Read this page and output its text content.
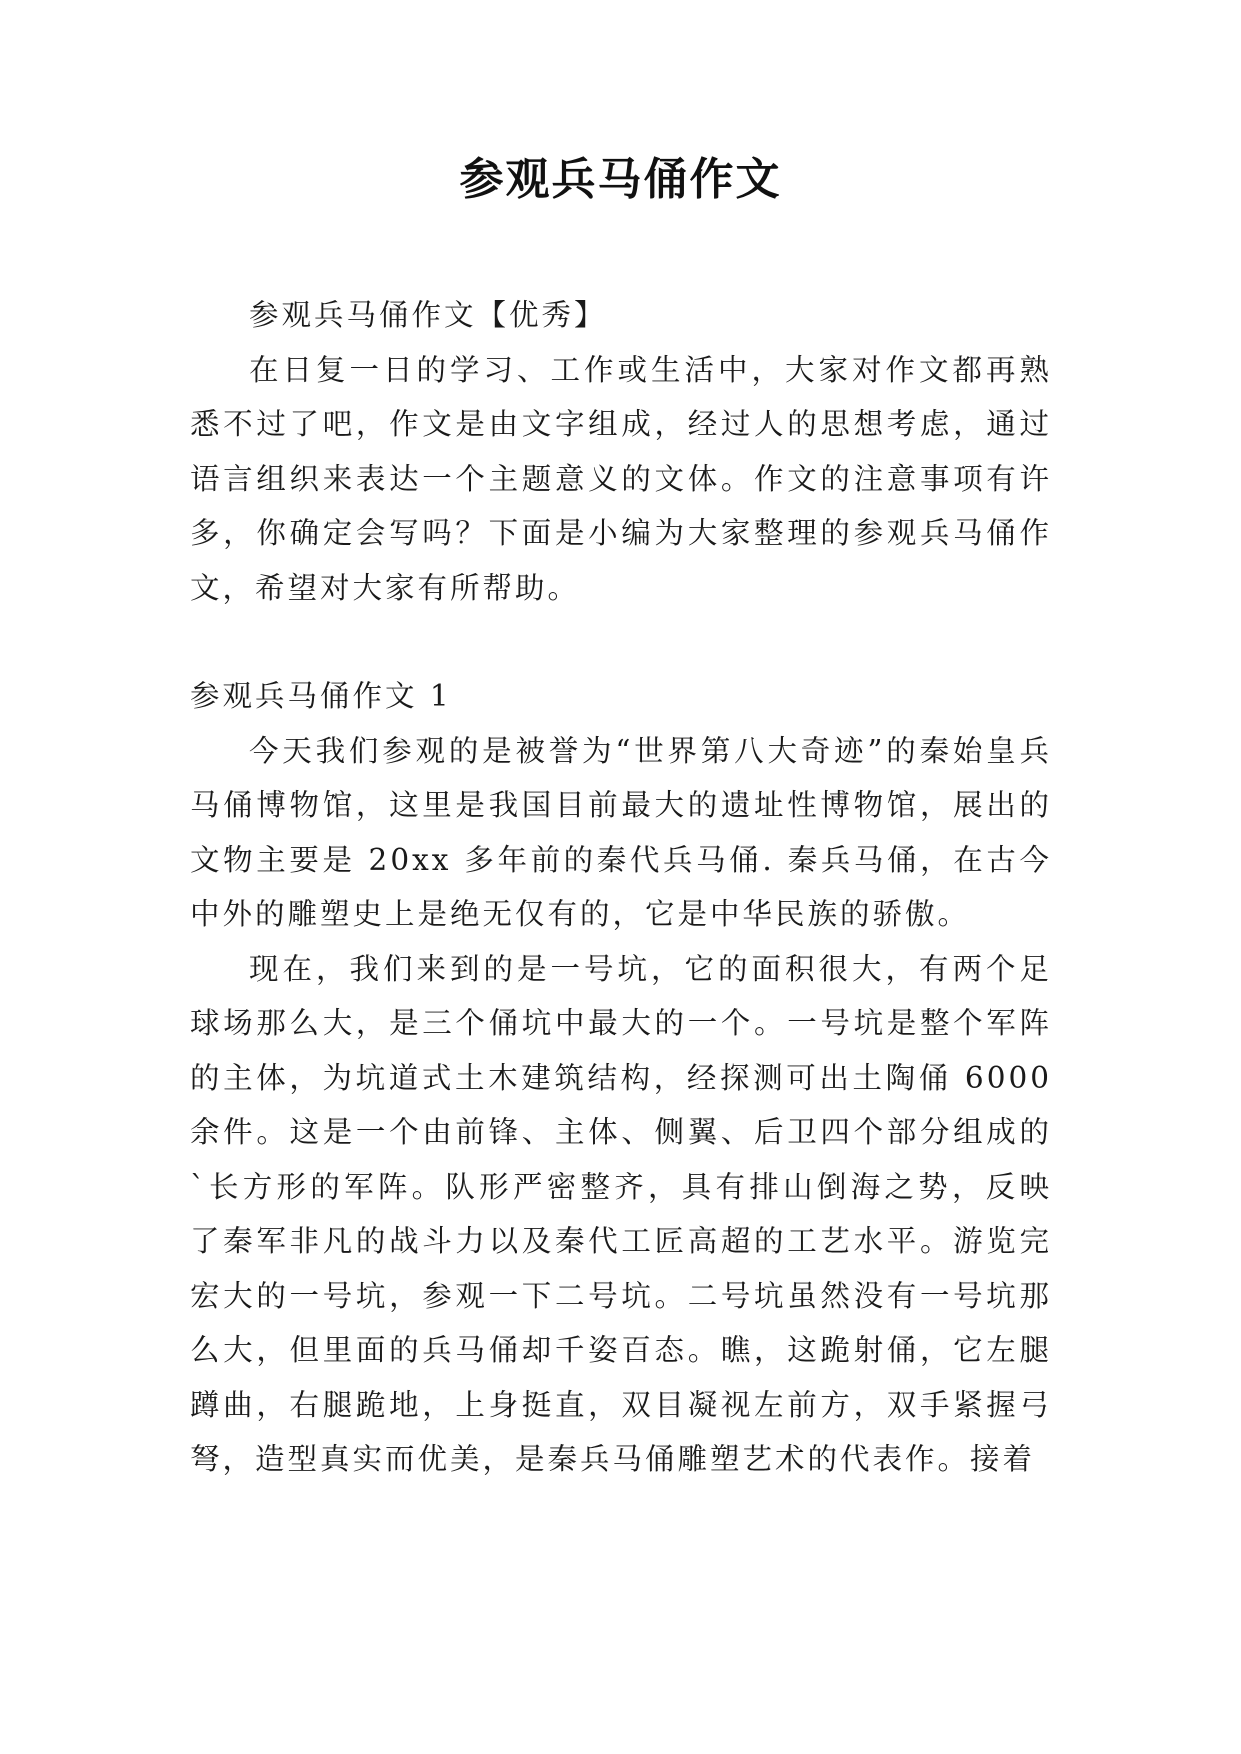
参观兵马俑作文

参观兵马俑作文【优秀】

在日复一日的学习、工作或生活中，大家对作文都再熟悉不过了吧，作文是由文字组成，经过人的思想考虑，通过语言组织来表达一个主题意义的文体。作文的注意事项有许多，你确定会写吗？下面是小编为大家整理的参观兵马俑作文，希望对大家有所帮助。

参观兵马俑作文 1

今天我们参观的是被誉为“世界第八大奇迹”的秦始皇兵马俑博物馆，这里是我国目前最大的遗址性博物馆，展出的文物主要是 20xx 多年前的秦代兵马俑. 秦兵马俑，在古今中外的雕塑史上是绝无仅有的，它是中华民族的骄傲。

现在，我们来到的是一号坑，它的面积很大，有两个足球场那么大，是三个俑坑中最大的一个。一号坑是整个军阵的主体，为坑道式土木建筑结构，经探测可出土陶俑 6000 余件。这是一个由前锋、主体、侧翼、后卫四个部分组成的`长方形的军阵。队形严密整齐，具有排山倒海之势，反映了秦军非凡的战斗力以及秦代工匠高超的工艺水平。游览完宏大的一号坑，参观一下二号坑。二号坑虽然没有一号坑那么大，但里面的兵马俑却千姿百态。瞧，这跪射俑，它左腿蹲曲，右腿跪地，上身挺直，双目凝视左前方，双手紧握弓弩，造型真实而优美，是秦兵马俑雕塑艺术的代表作。接着
